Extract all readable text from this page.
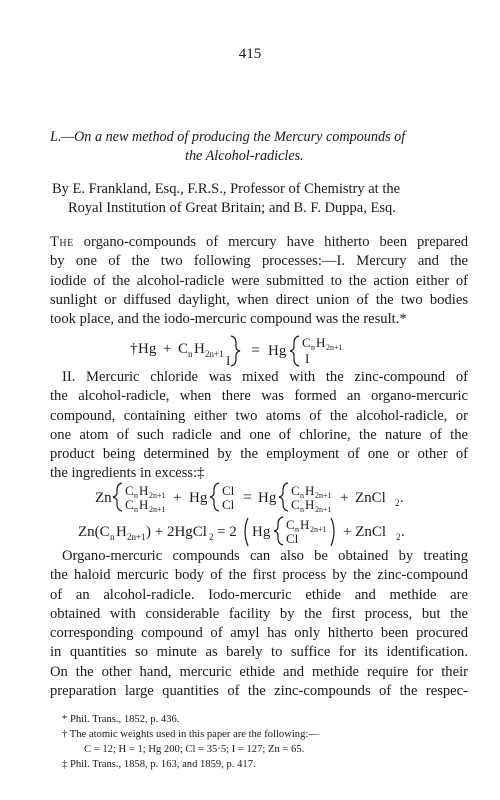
415
L.—On a new method of producing the Mercury compounds of
the Alcohol-radicles.
By E. Frankland, Esq., F.R.S., Professor of Chemistry at the
Royal Institution of Great Britain; and B. F. Duppa, Esq.
The organo-compounds of mercury have hitherto been prepared
by one of the two following processes:—I. Mercury and the
iodide of the alcohol-radicle were submitted to the action either of
sunlight or diffused daylight, when direct union of the two bodies
took place, and the iodo-mercuric compound was the result.*
† Hg + C n H 2n+1 I
= Hg
C n H 2n+1
I
II. Mercuric chloride was mixed with the zinc-compound of
the alcohol-radicle, when there was formed an organo-mercuric
compound, containing either two atoms of the alcohol-radicle, or
one atom of such radicle and one of chlorine, the nature of the
product being determined by the employment of one or other of
the ingredients in excess:‡
Zn C n H 2n+1
C n H 2n+1
+ Hg Cl
Cl = Hg C n H 2n+1
C n H 2n+1
+ ZnCl 2 .
Zn(C n H 2n+1 ) + 2HgCl 2 = 2 Hg C n H 2n+1
Cl	+ ZnCl 2 .
Organo-mercuric compounds can also be obtained by treating
the haloid mercuric body of the first process by the zinc-compound
of an alcohol-radicle. Iodo-mercuric ethide and methide are
obtained with considerable facility by the first process, but the
corresponding compound of amyl has only hitherto been procured
in quantities so minute as barely to suffice for its identification.
On the other hand, mercuric ethide and methide require for their
preparation large quantities of the zinc-compounds of the respec-
* Phil. Trans., 1852, p. 436.
† The atomic weights used in this paper are the following:—
C = 12; H = 1; Hg 200; Cl = 35·5; I = 127; Zn = 65.
‡ Phil. Trans., 1858, p. 163, and 1859, p. 417.
